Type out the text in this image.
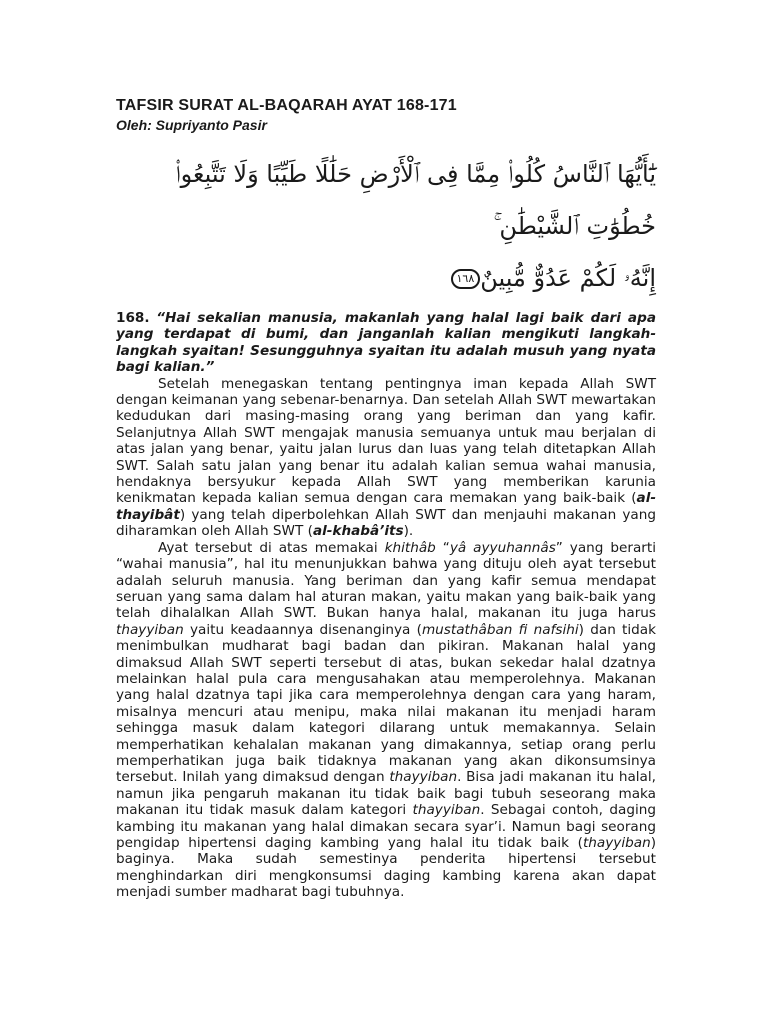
TAFSIR SURAT AL-BAQARAH AYAT 168-171
Oleh: Supriyanto Pasir
يَٰٓأَيُّهَا ٱلنَّاسُ كُلُوا۟ مِمَّا فِى ٱلْأَرْضِ حَلَٰلًا طَيِّبًا وَلَا تَتَّبِعُوا۟ خُطُوَٰتِ ٱلشَّيْطَٰنِ ۚ
إِنَّهُۥ لَكُمْ عَدُوٌّ مُّبِينٌ١٦٨

168. “Hai sekalian manusia, makanlah yang halal lagi baik dari apa yang terdapat di bumi, dan janganlah kalian mengikuti langkah-langkah syaitan! Sesungguhnya syaitan itu adalah musuh yang nyata bagi kalian.”

Setelah menegaskan tentang pentingnya iman kepada Allah SWT dengan keimanan yang sebenar-benarnya. Dan setelah Allah SWT mewartakan kedudukan dari masing-masing orang yang beriman dan yang kafir. Selanjutnya Allah SWT mengajak manusia semuanya untuk mau berjalan di atas jalan yang benar, yaitu jalan lurus dan luas yang telah ditetapkan Allah SWT. Salah satu jalan yang benar itu adalah kalian semua wahai manusia, hendaknya bersyukur kepada Allah SWT yang memberikan karunia kenikmatan kepada kalian semua dengan cara memakan yang baik-baik (al-thayibât) yang telah diperbolehkan Allah SWT dan menjauhi makanan yang diharamkan oleh Allah SWT (al-khabâ’its).

Ayat tersebut di atas memakai khithâb “yâ ayyuhannâs” yang berarti “wahai manusia”, hal itu menunjukkan bahwa yang dituju oleh ayat tersebut adalah seluruh manusia. Yang beriman dan yang kafir semua mendapat seruan yang sama dalam hal aturan makan, yaitu makan yang baik-baik yang telah dihalalkan Allah SWT. Bukan hanya halal, makanan itu juga harus thayyiban yaitu keadaannya disenanginya (mustathâban fi nafsihi) dan tidak menimbulkan mudharat bagi badan dan pikiran. Makanan halal yang dimaksud Allah SWT seperti tersebut di atas, bukan sekedar halal dzatnya melainkan halal pula cara mengusahakan atau memperolehnya. Makanan yang halal dzatnya tapi jika cara memperolehnya dengan cara yang haram, misalnya mencuri atau menipu, maka nilai makanan itu menjadi haram sehingga masuk dalam kategori dilarang untuk memakannya. Selain memperhatikan kehalalan makanan yang dimakannya, setiap orang perlu memperhatikan juga baik tidaknya makanan yang akan dikonsumsinya tersebut. Inilah yang dimaksud dengan thayyiban. Bisa jadi makanan itu halal, namun jika pengaruh makanan itu tidak baik bagi tubuh seseorang maka makanan itu tidak masuk dalam kategori thayyiban. Sebagai contoh, daging kambing itu makanan yang halal dimakan secara syar’i. Namun bagi seorang pengidap hipertensi daging kambing yang halal itu tidak baik (thayyiban) baginya. Maka sudah semestinya penderita hipertensi tersebut menghindarkan diri mengkonsumsi daging kambing karena akan dapat menjadi sumber madharat bagi tubuhnya.
